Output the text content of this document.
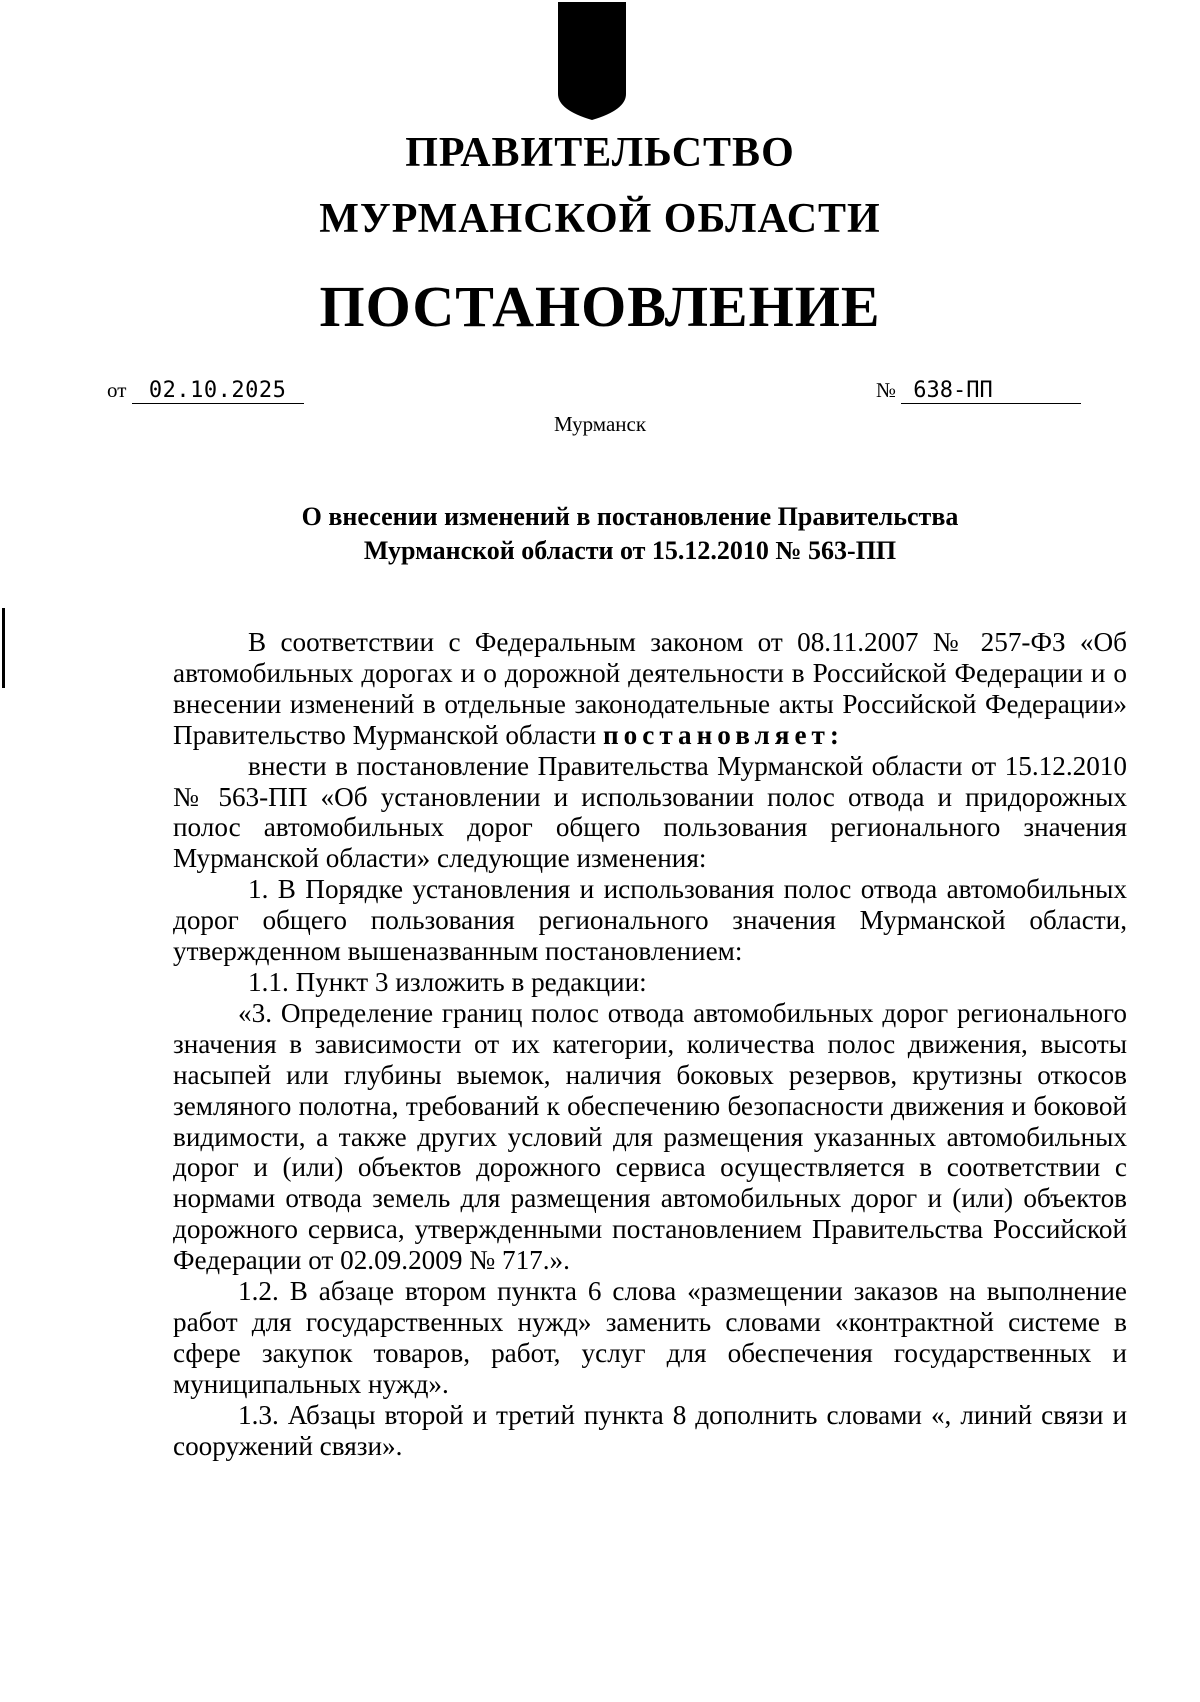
ПРАВИТЕЛЬСТВО
МУРМАНСКОЙ ОБЛАСТИ
ПОСТАНОВЛЕНИЕ
от 02.10.2025	№ 638-ПП
Мурманск
О внесении изменений в постановление Правительства
Мурманской области от 15.12.2010 № 563-ПП

В соответствии с Федеральным законом от 08.11.2007 № 257-ФЗ «Об автомобильных дорогах и о дорожной деятельности в Российской Федерации и о внесении изменений в отдельные законодательные акты Российской Федерации» Правительство Мурманской области постановляет:

внести в постановление Правительства Мурманской области от 15.12.2010 № 563-ПП «Об установлении и использовании полос отвода и придорожных полос автомобильных дорог общего пользования регионального значения Мурманской области» следующие изменения:

1. В Порядке установления и использования полос отвода автомобильных дорог общего пользования регионального значения Мурманской области, утвержденном вышеназванным постановлением:

1.1. Пункт 3 изложить в редакции:

«3. Определение границ полос отвода автомобильных дорог регионального значения в зависимости от их категории, количества полос движения, высоты насыпей или глубины выемок, наличия боковых резервов, крутизны откосов земляного полотна, требований к обеспечению безопасности движения и боковой видимости, а также других условий для размещения указанных автомобильных дорог и (или) объектов дорожного сервиса осуществляется в соответствии с нормами отвода земель для размещения автомобильных дорог и (или) объектов дорожного сервиса, утвержденными постановлением Правительства Российской Федерации от 02.09.2009 № 717.».

1.2. В абзаце втором пункта 6 слова «размещении заказов на выполнение работ для государственных нужд» заменить словами «контрактной системе в сфере закупок товаров, работ, услуг для обеспечения государственных и муниципальных нужд».

1.3. Абзацы второй и третий пункта 8 дополнить словами «, линий связи и сооружений связи».
